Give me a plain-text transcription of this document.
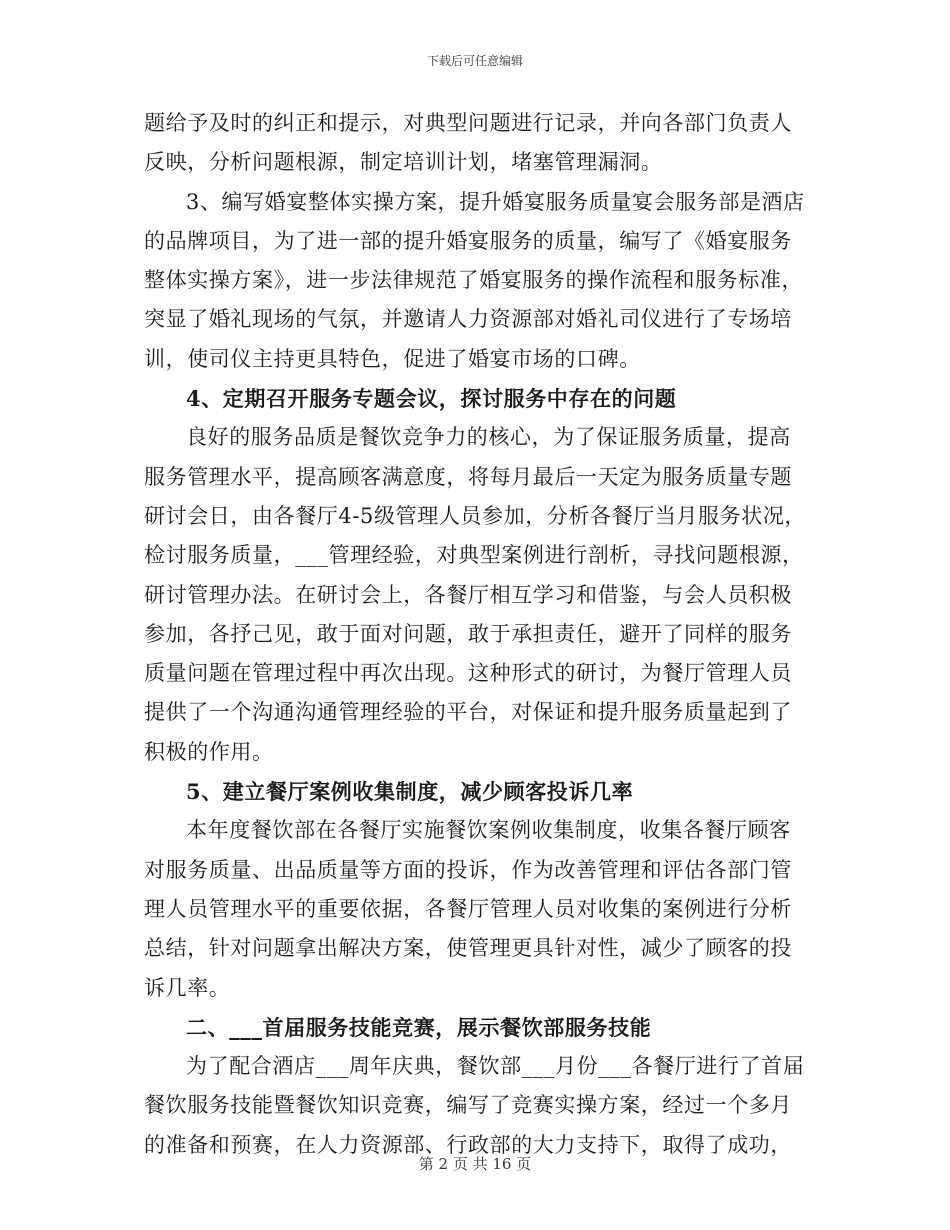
下载后可任意编辑

题给予及时的纠正和提示，对典型问题进行记录，并向各部门负责人反映，分析问题根源，制定培训计划，堵塞管理漏洞。

3、编写婚宴整体实操方案，提升婚宴服务质量宴会服务部是酒店的品牌项目，为了进一部的提升婚宴服务的质量，编写了《婚宴服务整体实操方案》，进一步法律规范了婚宴服务的操作流程和服务标准，突显了婚礼现场的气氛，并邀请人力资源部对婚礼司仪进行了专场培训，使司仪主持更具特色，促进了婚宴市场的口碑。

4、定期召开服务专题会议，探讨服务中存在的问题

良好的服务品质是餐饮竞争力的核心，为了保证服务质量，提高服务管理水平，提高顾客满意度，将每月最后一天定为服务质量专题研讨会日，由各餐厅4-5级管理人员参加，分析各餐厅当月服务状况，检讨服务质量，___管理经验，对典型案例进行剖析，寻找问题根源，研讨管理办法。在研讨会上，各餐厅相互学习和借鉴，与会人员积极参加，各抒己见，敢于面对问题，敢于承担责任，避开了同样的服务质量问题在管理过程中再次出现。这种形式的研讨，为餐厅管理人员提供了一个沟通沟通管理经验的平台，对保证和提升服务质量起到了积极的作用。

5、建立餐厅案例收集制度，减少顾客投诉几率

本年度餐饮部在各餐厅实施餐饮案例收集制度，收集各餐厅顾客对服务质量、出品质量等方面的投诉，作为改善管理和评估各部门管理人员管理水平的重要依据，各餐厅管理人员对收集的案例进行分析总结，针对问题拿出解决方案，使管理更具针对性，减少了顾客的投诉几率。

二、___首届服务技能竞赛，展示餐饮部服务技能

为了配合酒店___周年庆典，餐饮部___月份___各餐厅进行了首届餐饮服务技能暨餐饮知识竞赛，编写了竞赛实操方案，经过一个多月的准备和预赛，在人力资源部、行政部的大力支持下，取得了成功，

第 2 页 共 16 页
